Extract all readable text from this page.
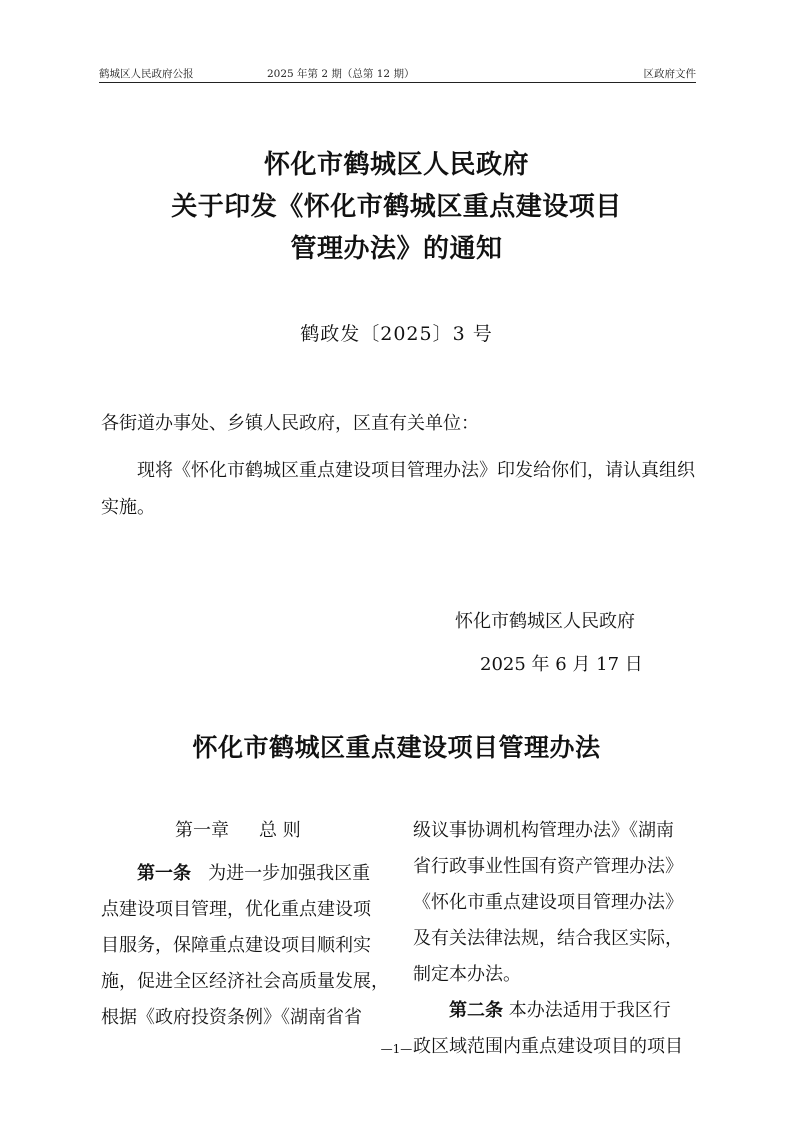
鹤城区人民政府公报	2025 年第 2 期（总第 12 期）	区政府文件
怀化市鹤城区人民政府
关于印发《怀化市鹤城区重点建设项目
管理办法》的通知
鹤政发〔2025〕3 号
各街道办事处、乡镇人民政府，区直有关单位：
现将《怀化市鹤城区重点建设项目管理办法》印发给你们，请认真组织实施。
怀化市鹤城区人民政府
2025 年 6 月 17 日
怀化市鹤城区重点建设项目管理办法
第一章 总 则
第一条 为进一步加强我区重
点建设项目管理，优化重点建设项
目服务，保障重点建设项目顺利实
施，促进全区经济社会高质量发展，
根据《政府投资条例》《湖南省省
级议事协调机构管理办法》《湖南
省行政事业性国有资产管理办法》
《怀化市重点建设项目管理办法》
及有关法律法规，结合我区实际，
制定本办法。
第二条 本办法适用于我区行
政区域范围内重点建设项目的项目
—1—
